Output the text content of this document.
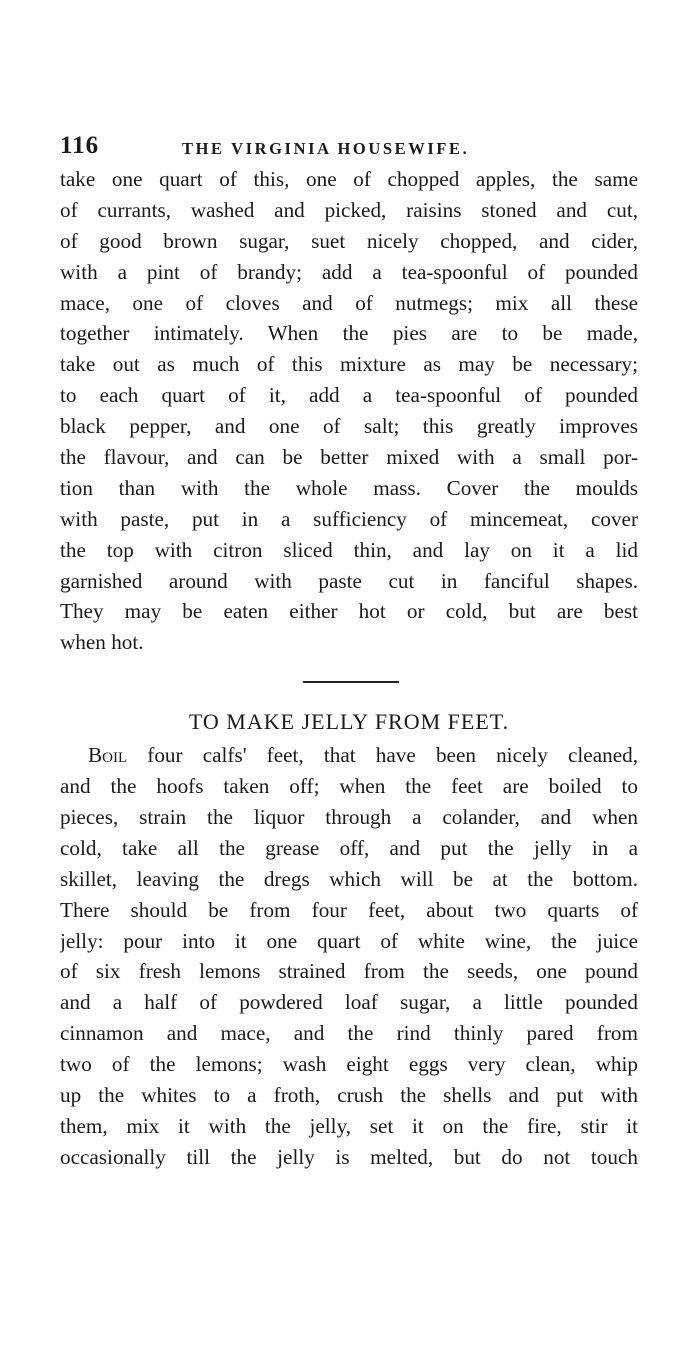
116	THE VIRGINIA HOUSEWIFE.
take one quart of this, one of chopped apples, the same
of currants, washed and picked, raisins stoned and cut,
of good brown sugar, suet nicely chopped, and cider,
with a pint of brandy; add a tea-spoonful of pounded
mace, one of cloves and of nutmegs; mix all these
together intimately. When the pies are to be made,
take out as much of this mixture as may be necessary;
to each quart of it, add a tea-spoonful of pounded
black pepper, and one of salt; this greatly improves
the flavour, and can be better mixed with a small por-
tion than with the whole mass. Cover the moulds
with paste, put in a sufficiency of mincemeat, cover
the top with citron sliced thin, and lay on it a lid
garnished around with paste cut in fanciful shapes.
They may be eaten either hot or cold, but are best
when hot.
TO MAKE JELLY FROM FEET.
Boil four calfs' feet, that have been nicely cleaned,
and the hoofs taken off; when the feet are boiled to
pieces, strain the liquor through a colander, and when
cold, take all the grease off, and put the jelly in a
skillet, leaving the dregs which will be at the bottom.
There should be from four feet, about two quarts of
jelly: pour into it one quart of white wine, the juice
of six fresh lemons strained from the seeds, one pound
and a half of powdered loaf sugar, a little pounded
cinnamon and mace, and the rind thinly pared from
two of the lemons; wash eight eggs very clean, whip
up the whites to a froth, crush the shells and put with
them, mix it with the jelly, set it on the fire, stir it
occasionally till the jelly is melted, but do not touch
